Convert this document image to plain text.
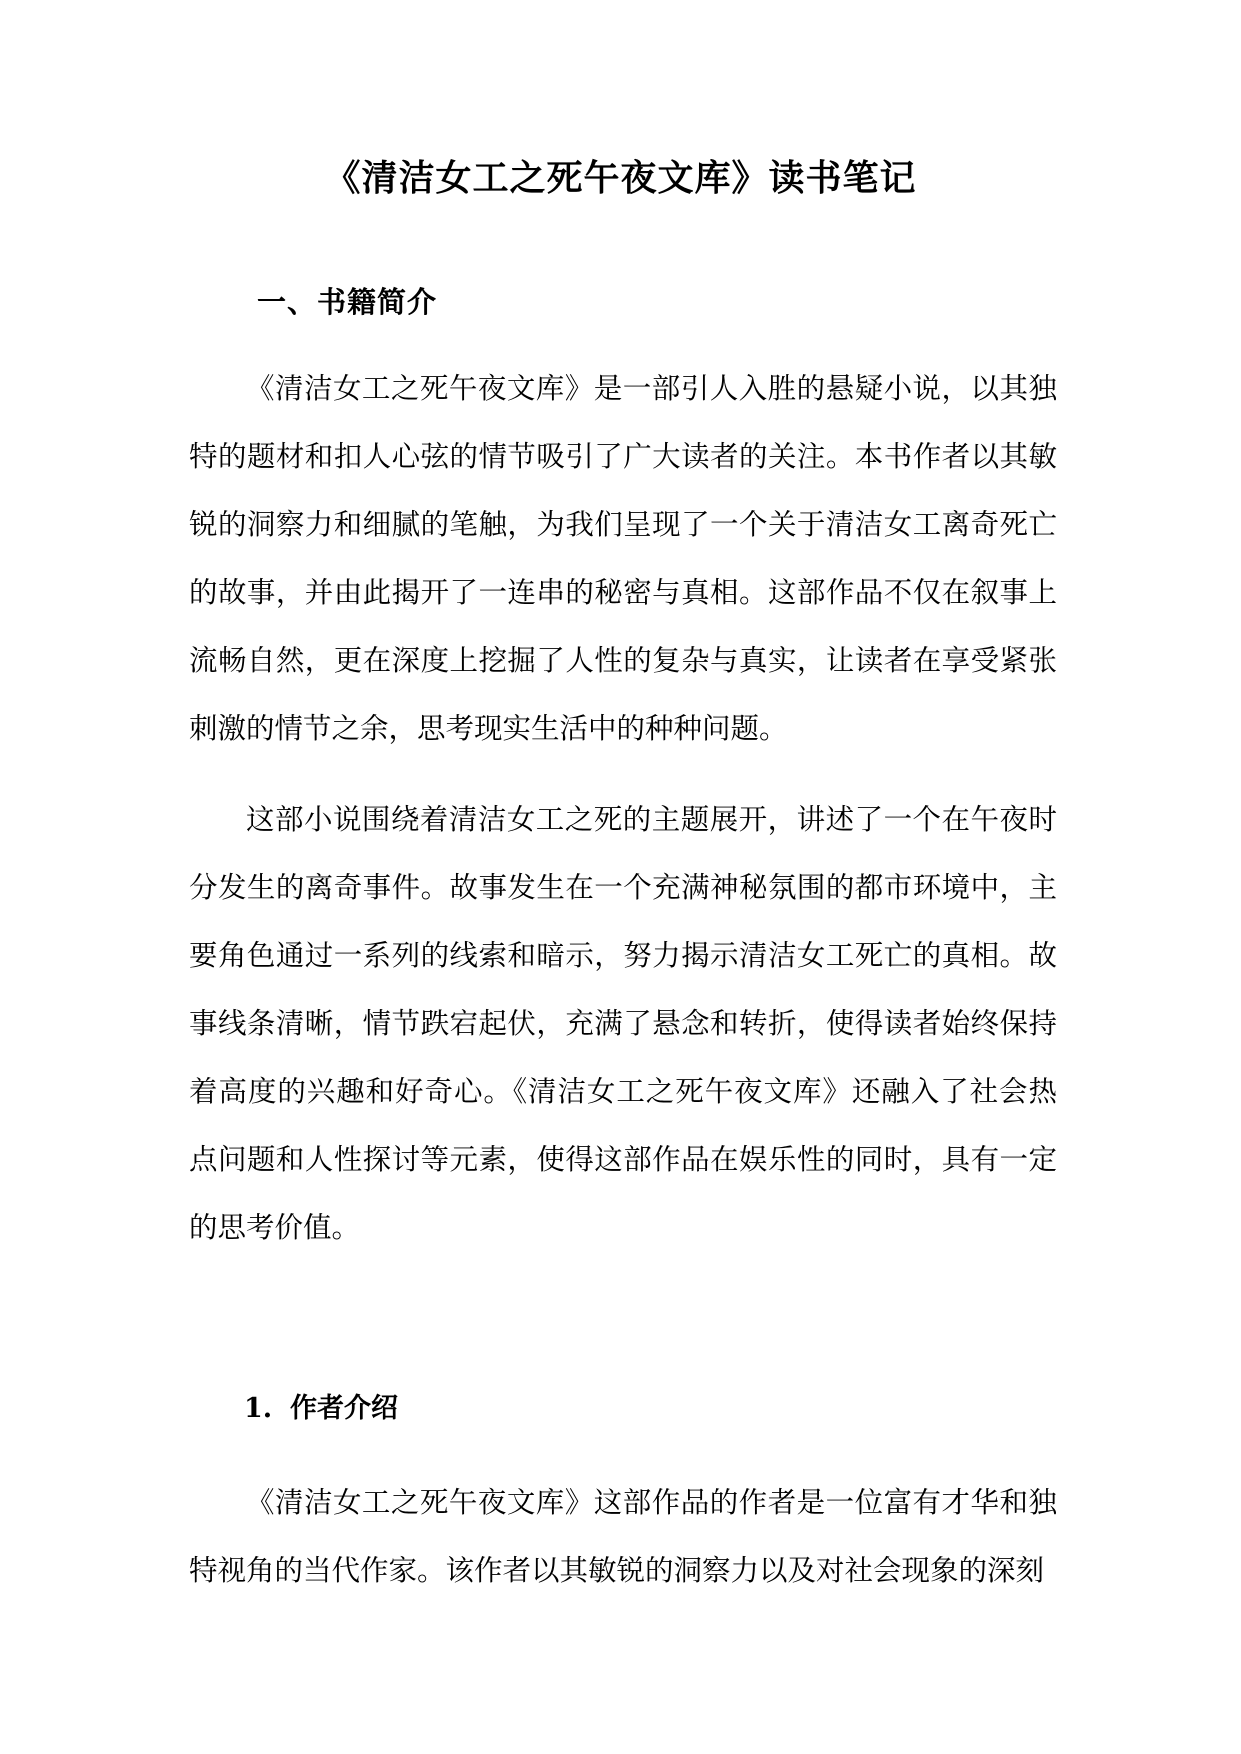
《清洁女工之死午夜文库》读书笔记
一、书籍简介

《清洁女工之死午夜文库》是一部引人入胜的悬疑小说，以其独特的题材和扣人心弦的情节吸引了广大读者的关注。本书作者以其敏锐的洞察力和细腻的笔触，为我们呈现了一个关于清洁女工离奇死亡的故事，并由此揭开了一连串的秘密与真相。这部作品不仅在叙事上流畅自然，更在深度上挖掘了人性的复杂与真实，让读者在享受紧张刺激的情节之余，思考现实生活中的种种问题。

这部小说围绕着清洁女工之死的主题展开，讲述了一个在午夜时分发生的离奇事件。故事发生在一个充满神秘氛围的都市环境中，主要角色通过一系列的线索和暗示，努力揭示清洁女工死亡的真相。故事线条清晰，情节跌宕起伏，充满了悬念和转折，使得读者始终保持着高度的兴趣和好奇心。《清洁女工之死午夜文库》还融入了社会热点问题和人性探讨等元素，使得这部作品在娱乐性的同时，具有一定的思考价值。

1. 作者介绍

《清洁女工之死午夜文库》这部作品的作者是一位富有才华和独特视角的当代作家。该作者以其敏锐的洞察力以及对社会现象的深刻
